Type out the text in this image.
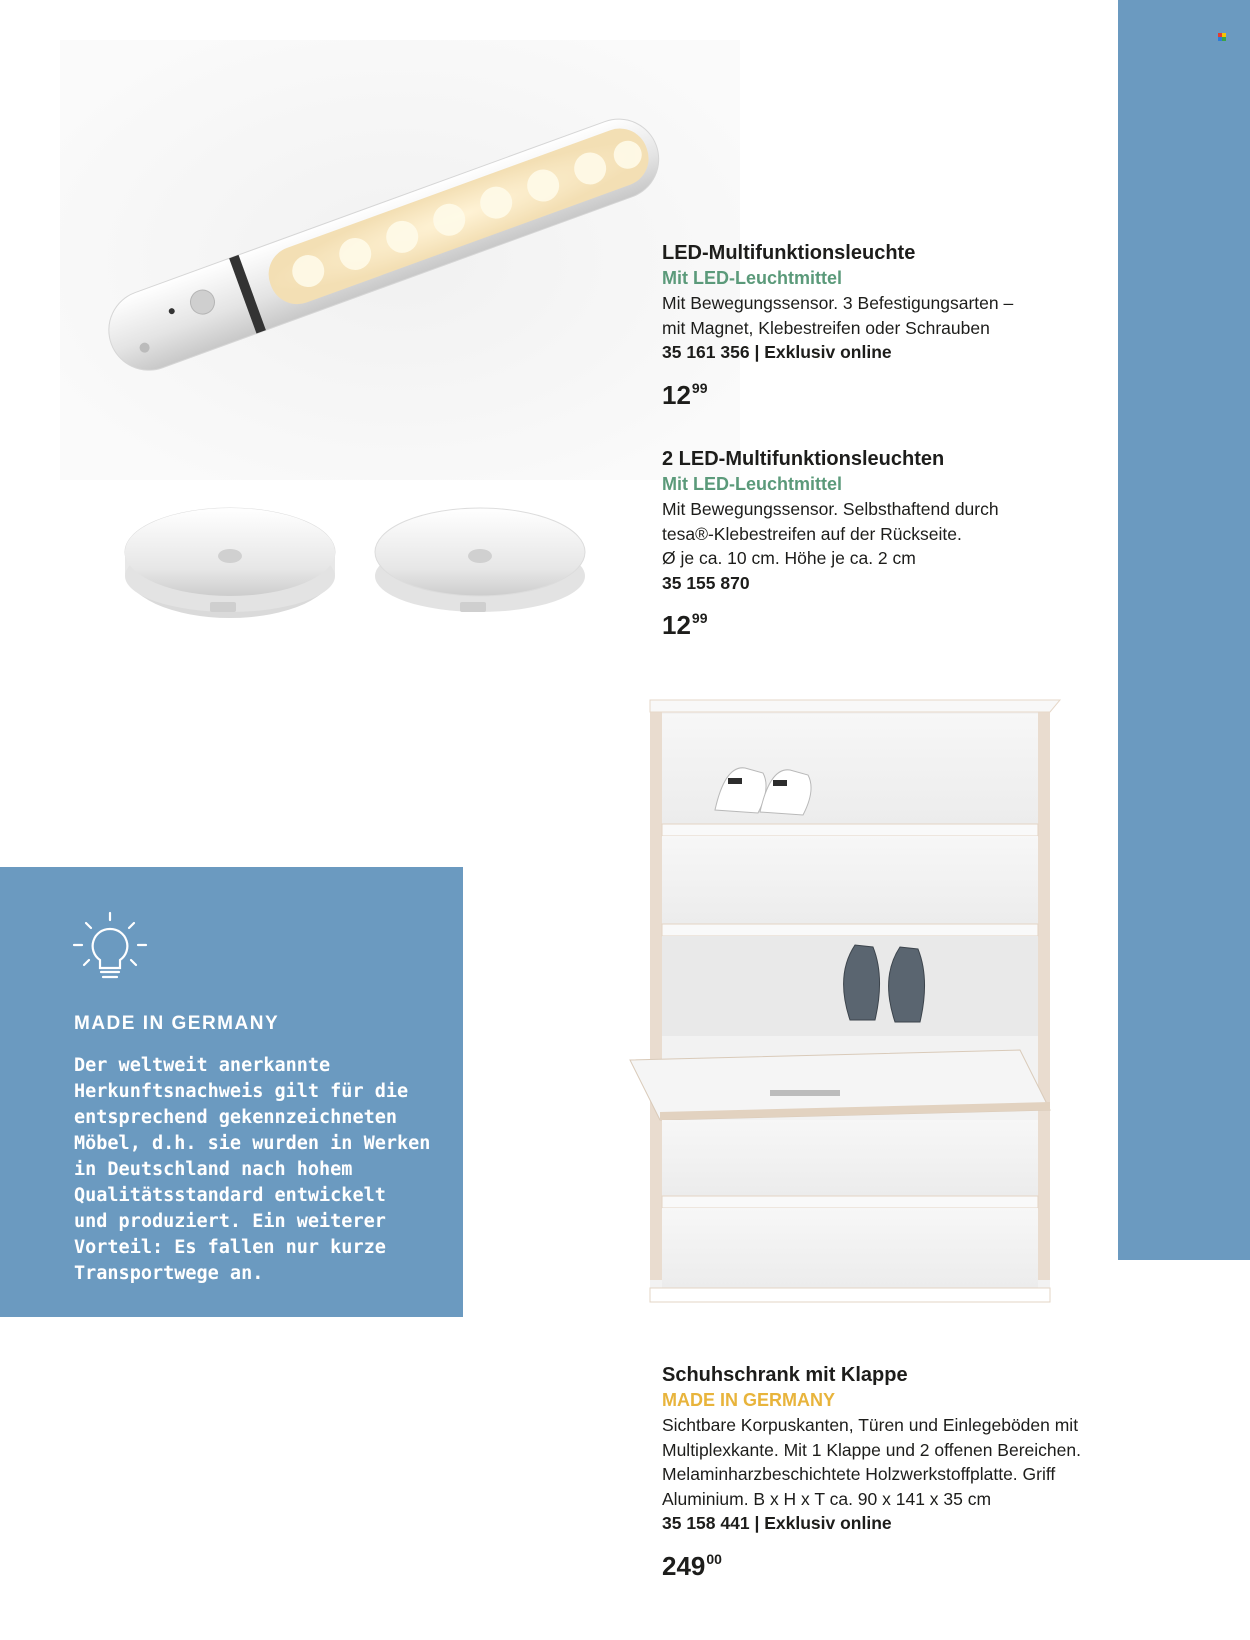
LED-Multifunktionsleuchte
Mit LED-Leuchtmittel
Mit Bewegungssensor. 3 Befestigungsarten –
mit Magnet, Klebestreifen oder Schrauben
35 161 356 | Exklusiv online
$12^{99}$
2 LED-Multifunktionsleuchten
Mit LED-Leuchtmittel
Mit Bewegungssensor. Selbsthaftend durch
tesa®-Klebestreifen auf der Rückseite.
Ø je ca. 10 cm. Höhe je ca. 2 cm
35 155 870
$12^{99}$
Schuhschrank mit Klappe
MADE IN GERMANY
Sichtbare Korpuskanten, Türen und Einlegeböden mit
Multiplexkante. Mit 1 Klappe und 2 offenen Bereichen.
Melaminharzbeschichtete Holzwerkstoffplatte. Griff
Aluminium. B x H x T ca. 90 x 141 x 35 cm
35 158 441 | Exklusiv online
$249^{00}$
MADE IN GERMANY
Der weltweit anerkannte
Herkunftsnachweis gilt für die
entsprechend gekennzeichneten
Möbel, d.h. sie wurden in Werken
in Deutschland nach hohem
Qualitätsstandard entwickelt
und produziert. Ein weiterer
Vorteil: Es fallen nur kurze
Transportwege an.
